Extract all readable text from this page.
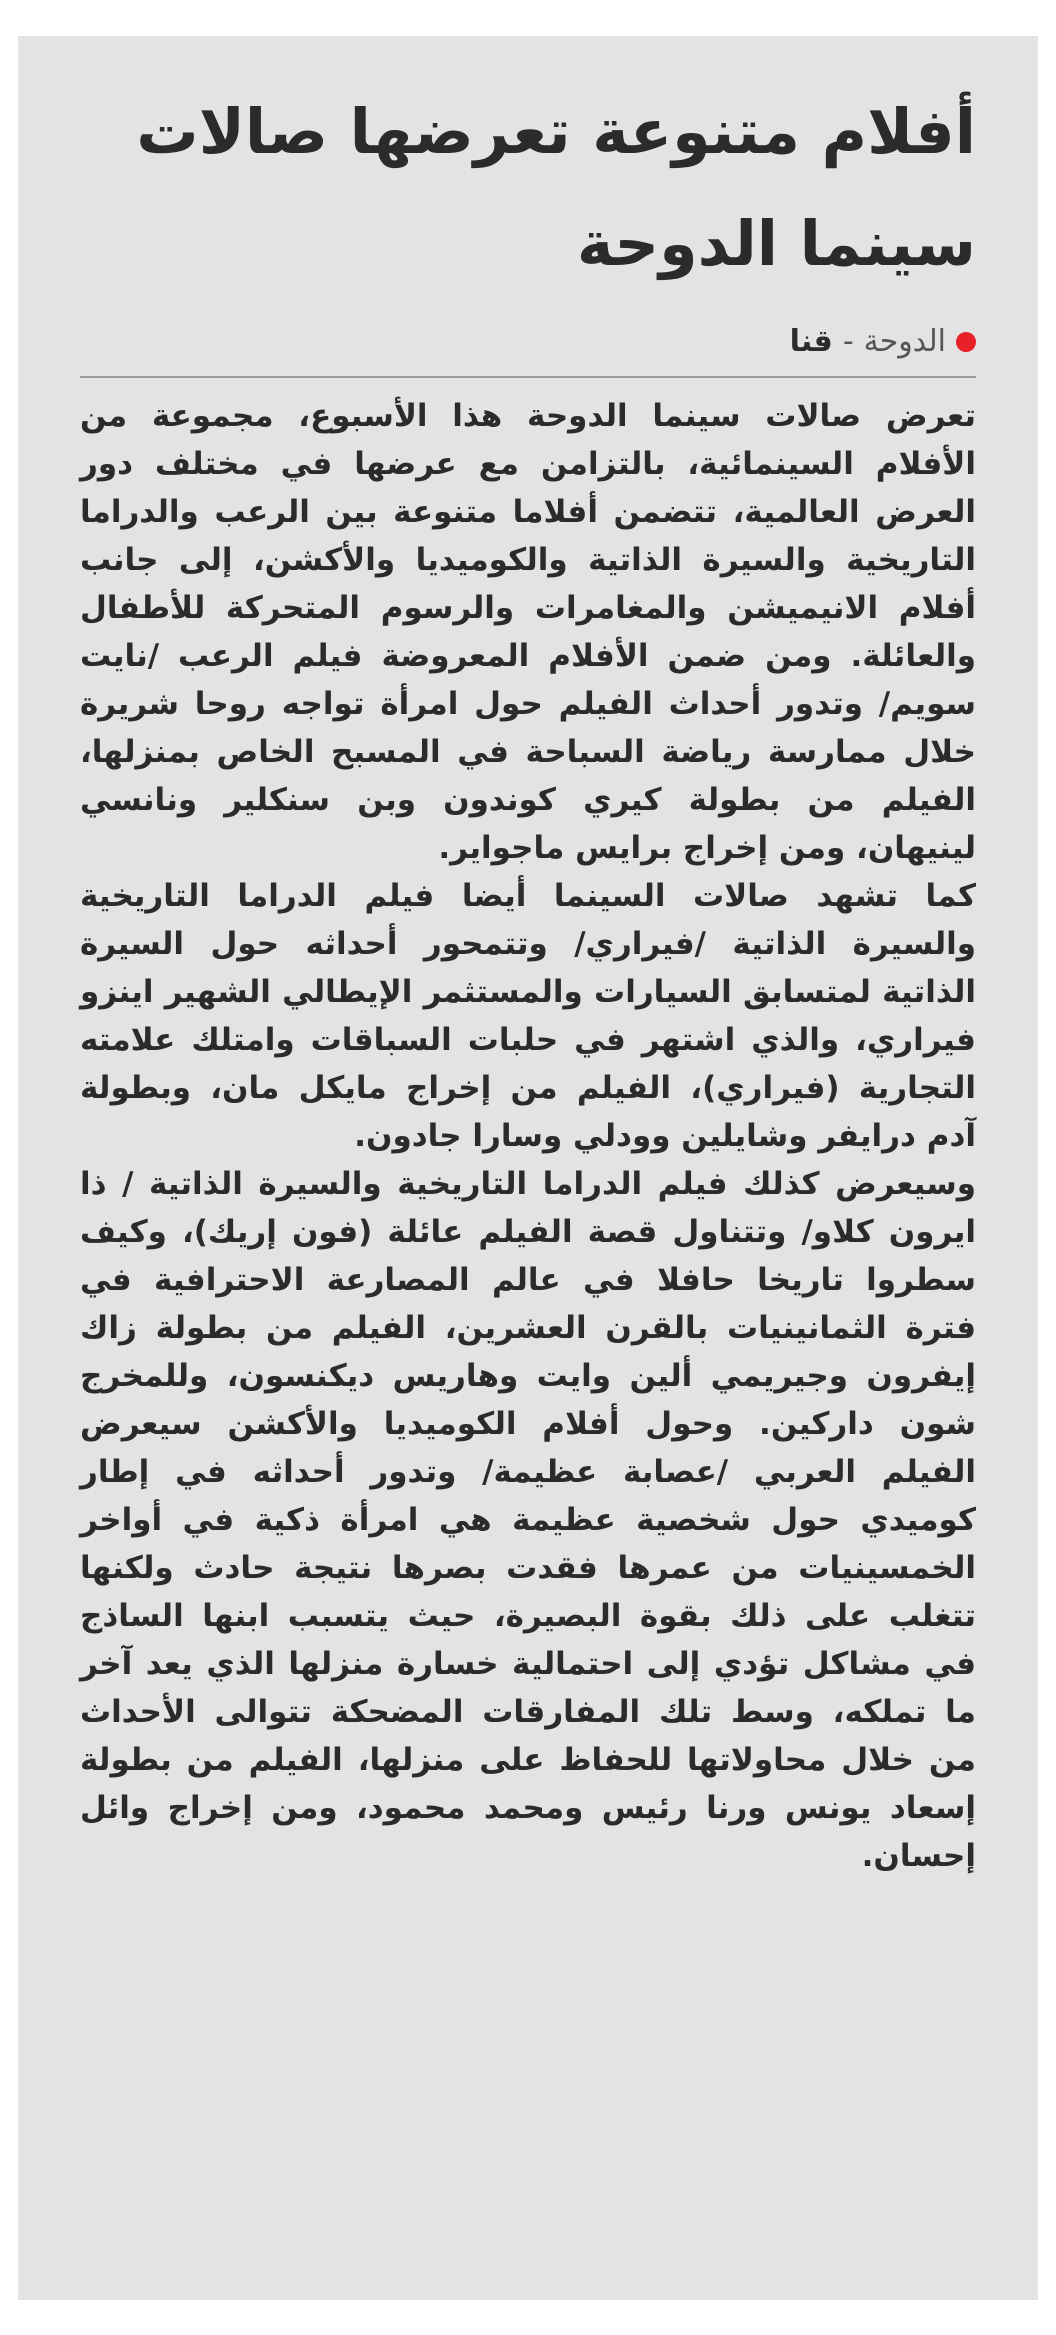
أفلام متنوعة تعرضها صالات سينما الدوحة
الدوحة
-
قنا

تعرض صالات سينما الدوحة هذا الأسبوع، مجموعة من الأفلام السينمائية، بالتزامن مع عرضها في مختلف دور العرض العالمية، تتضمن أفلاما متنوعة بين الرعب والدراما التاريخية والسيرة الذاتية والكوميديا والأكشن، إلى جانب أفلام الانيميشن والمغامرات والرسوم المتحركة للأطفال والعائلة. ومن ضمن الأفلام المعروضة فيلم الرعب /نايت سويم/ وتدور أحداث الفيلم حول امرأة تواجه روحا شريرة خلال ممارسة رياضة السباحة في المسبح الخاص بمنزلها، الفيلم من بطولة كيري كوندون وبن سنكلير ونانسي لينيهان، ومن إخراج برايس ماجواير.

كما تشهد صالات السينما أيضا فيلم الدراما التاريخية والسيرة الذاتية /فيراري/ وتتمحور أحداثه حول السيرة الذاتية لمتسابق السيارات والمستثمر الإيطالي الشهير اينزو فيراري، والذي اشتهر في حلبات السباقات وامتلك علامته التجارية (فيراري)، الفيلم من إخراج مايكل مان، وبطولة آدم درايفر وشايلين وودلي وسارا جادون.

وسيعرض كذلك فيلم الدراما التاريخية والسيرة الذاتية / ذا ايرون كلاو/ وتتناول قصة الفيلم عائلة (فون إريك)، وكيف سطروا تاريخا حافلا في عالم المصارعة الاحترافية في فترة الثمانينيات بالقرن العشرين، الفيلم من بطولة زاك إيفرون وجيريمي ألين وايت وهاريس ديكنسون، وللمخرج شون داركين. وحول أفلام الكوميديا والأكشن سيعرض الفيلم العربي /عصابة عظيمة/ وتدور أحداثه في إطار كوميدي حول شخصية عظيمة هي امرأة ذكية في أواخر الخمسينيات من عمرها فقدت بصرها نتيجة حادث ولكنها تتغلب على ذلك بقوة البصيرة، حيث يتسبب ابنها الساذج في مشاكل تؤدي إلى احتمالية خسارة منزلها الذي يعد آخر ما تملكه، وسط تلك المفارقات المضحكة تتوالى الأحداث من خلال محاولاتها للحفاظ على منزلها، الفيلم من بطولة إسعاد يونس ورنا رئيس ومحمد محمود، ومن إخراج وائل إحسان.
